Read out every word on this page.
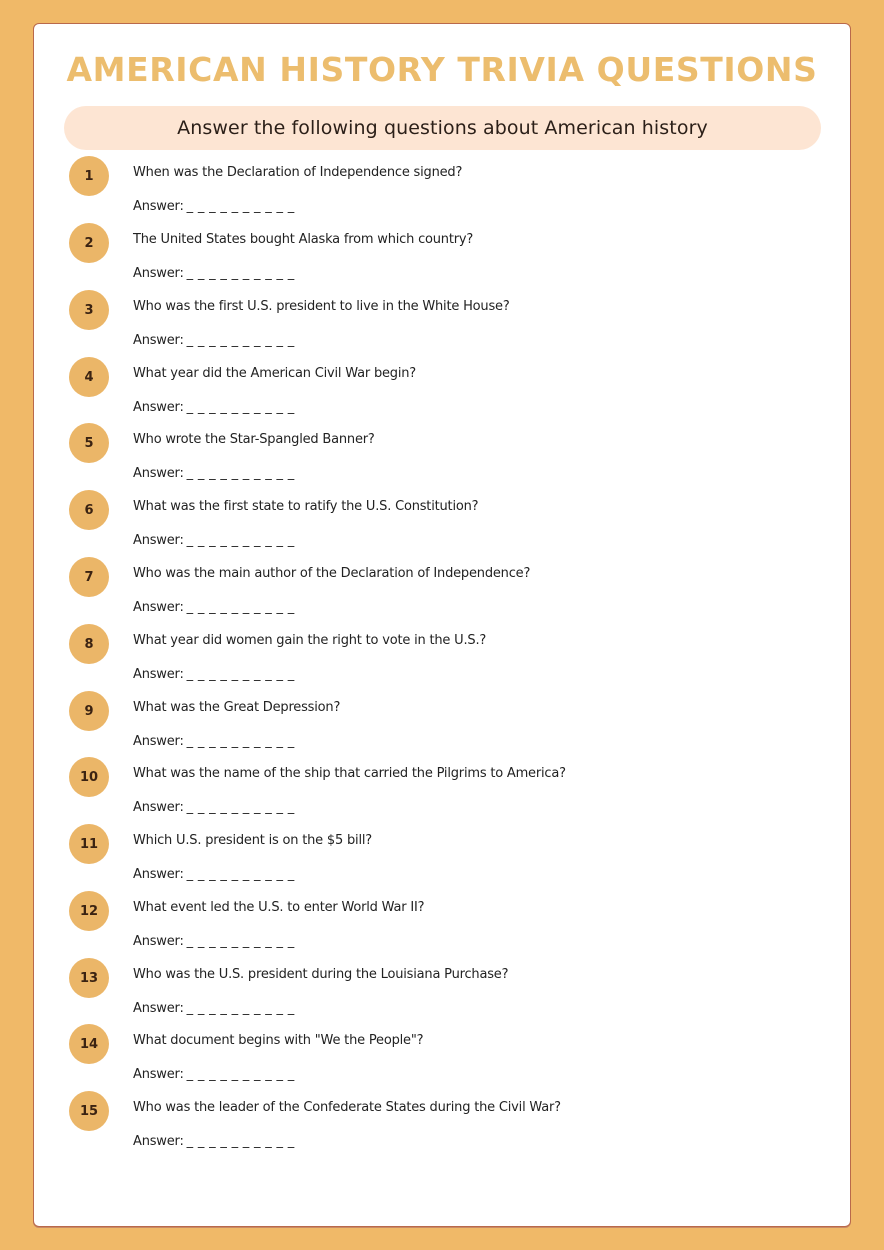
AMERICAN HISTORY TRIVIA QUESTIONS
Answer the following questions about American history
1	When was the Declaration of Independence signed?
Answer: _ _ _ _ _ _ _ _ _ _
2	The United States bought Alaska from which country?
Answer: _ _ _ _ _ _ _ _ _ _
3	Who was the first U.S. president to live in the White House?
Answer: _ _ _ _ _ _ _ _ _ _
4	What year did the American Civil War begin?
Answer: _ _ _ _ _ _ _ _ _ _
5	Who wrote the Star-Spangled Banner?
Answer: _ _ _ _ _ _ _ _ _ _
6	What was the first state to ratify the U.S. Constitution?
Answer: _ _ _ _ _ _ _ _ _ _
7	Who was the main author of the Declaration of Independence?
Answer: _ _ _ _ _ _ _ _ _ _
8	What year did women gain the right to vote in the U.S.?
Answer: _ _ _ _ _ _ _ _ _ _
9	What was the Great Depression?
Answer: _ _ _ _ _ _ _ _ _ _
10	What was the name of the ship that carried the Pilgrims to America?
Answer: _ _ _ _ _ _ _ _ _ _
11	Which U.S. president is on the $5 bill?
Answer: _ _ _ _ _ _ _ _ _ _
12	What event led the U.S. to enter World War II?
Answer: _ _ _ _ _ _ _ _ _ _
13	Who was the U.S. president during the Louisiana Purchase?
Answer: _ _ _ _ _ _ _ _ _ _
14	What document begins with "We the People"?
Answer: _ _ _ _ _ _ _ _ _ _
15	Who was the leader of the Confederate States during the Civil War?
Answer: _ _ _ _ _ _ _ _ _ _
